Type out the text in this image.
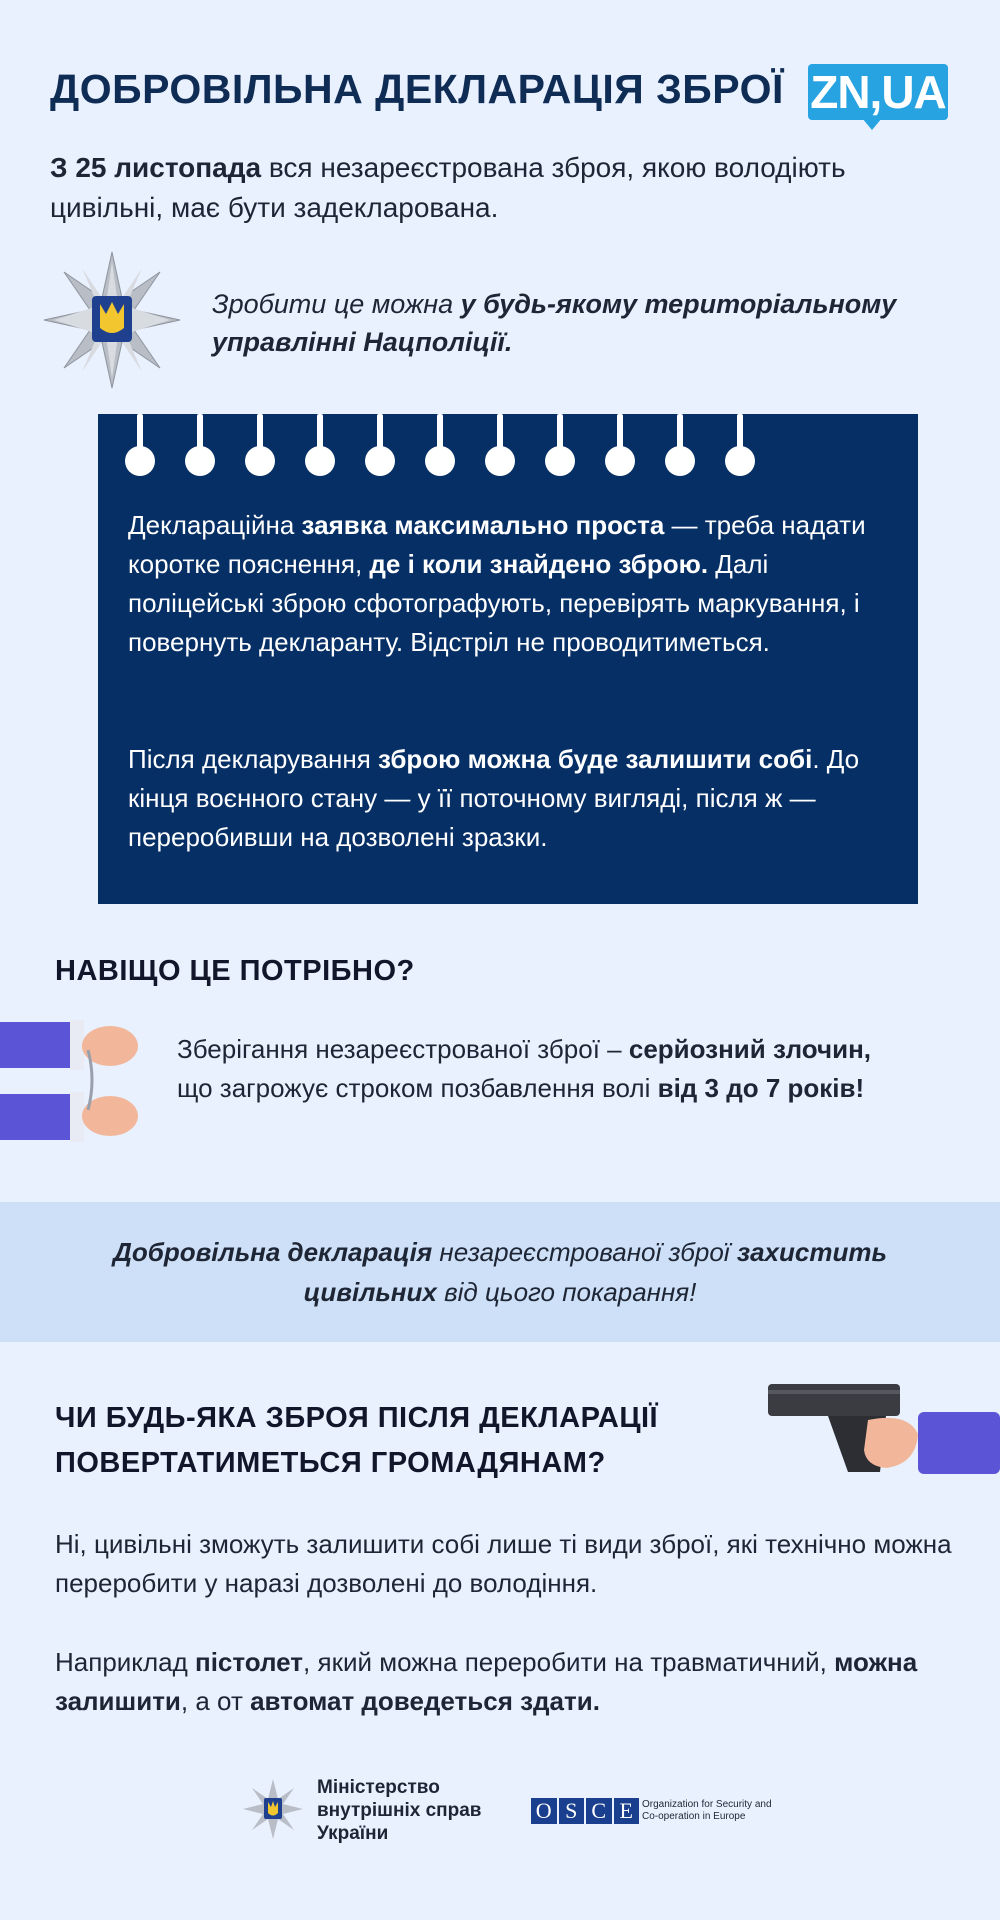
ДОБРОВІЛЬНА ДЕКЛАРАЦІЯ ЗБРОЇ ZN,UA
З 25 листопада вся незареєстрована зброя, якою володіють цивільні, має бути задекларована.
Зробити це можна у будь-якому територіальному управлінні Нацполіції.
Деклараційна заявка максимально проста — треба надати коротке пояснення, де і коли знайдено зброю. Далі поліцейські зброю сфотографують, перевірять маркування, і повернуть декларанту. Відстріл не проводитиметься.
Після декларування зброю можна буде залишити собі. До кінця воєнного стану — у її поточному вигляді, після ж — переробивши на дозволені зразки.
НАВІЩО ЦЕ ПОТРІБНО?
Зберігання незареєстрованої зброї – серйозний злочин, що загрожує строком позбавлення волі від 3 до 7 років!
Добровільна декларація незареєстрованої зброї захистить цивільних від цього покарання!
ЧИ БУДЬ-ЯКА ЗБРОЯ ПІСЛЯ ДЕКЛАРАЦІЇ ПОВЕРТАТИМЕТЬСЯ ГРОМАДЯНАМ?
Ні, цивільні зможуть залишити собі лише ті види зброї, які технічно можна переробити у наразі дозволені до володіння.
Наприклад пістолет, який можна переробити на травматичний, можна залишити, а от автомат доведеться здати.
Міністерство
внутрішніх справ
України
O S C E Organization for Security and
Co-operation in Europe
